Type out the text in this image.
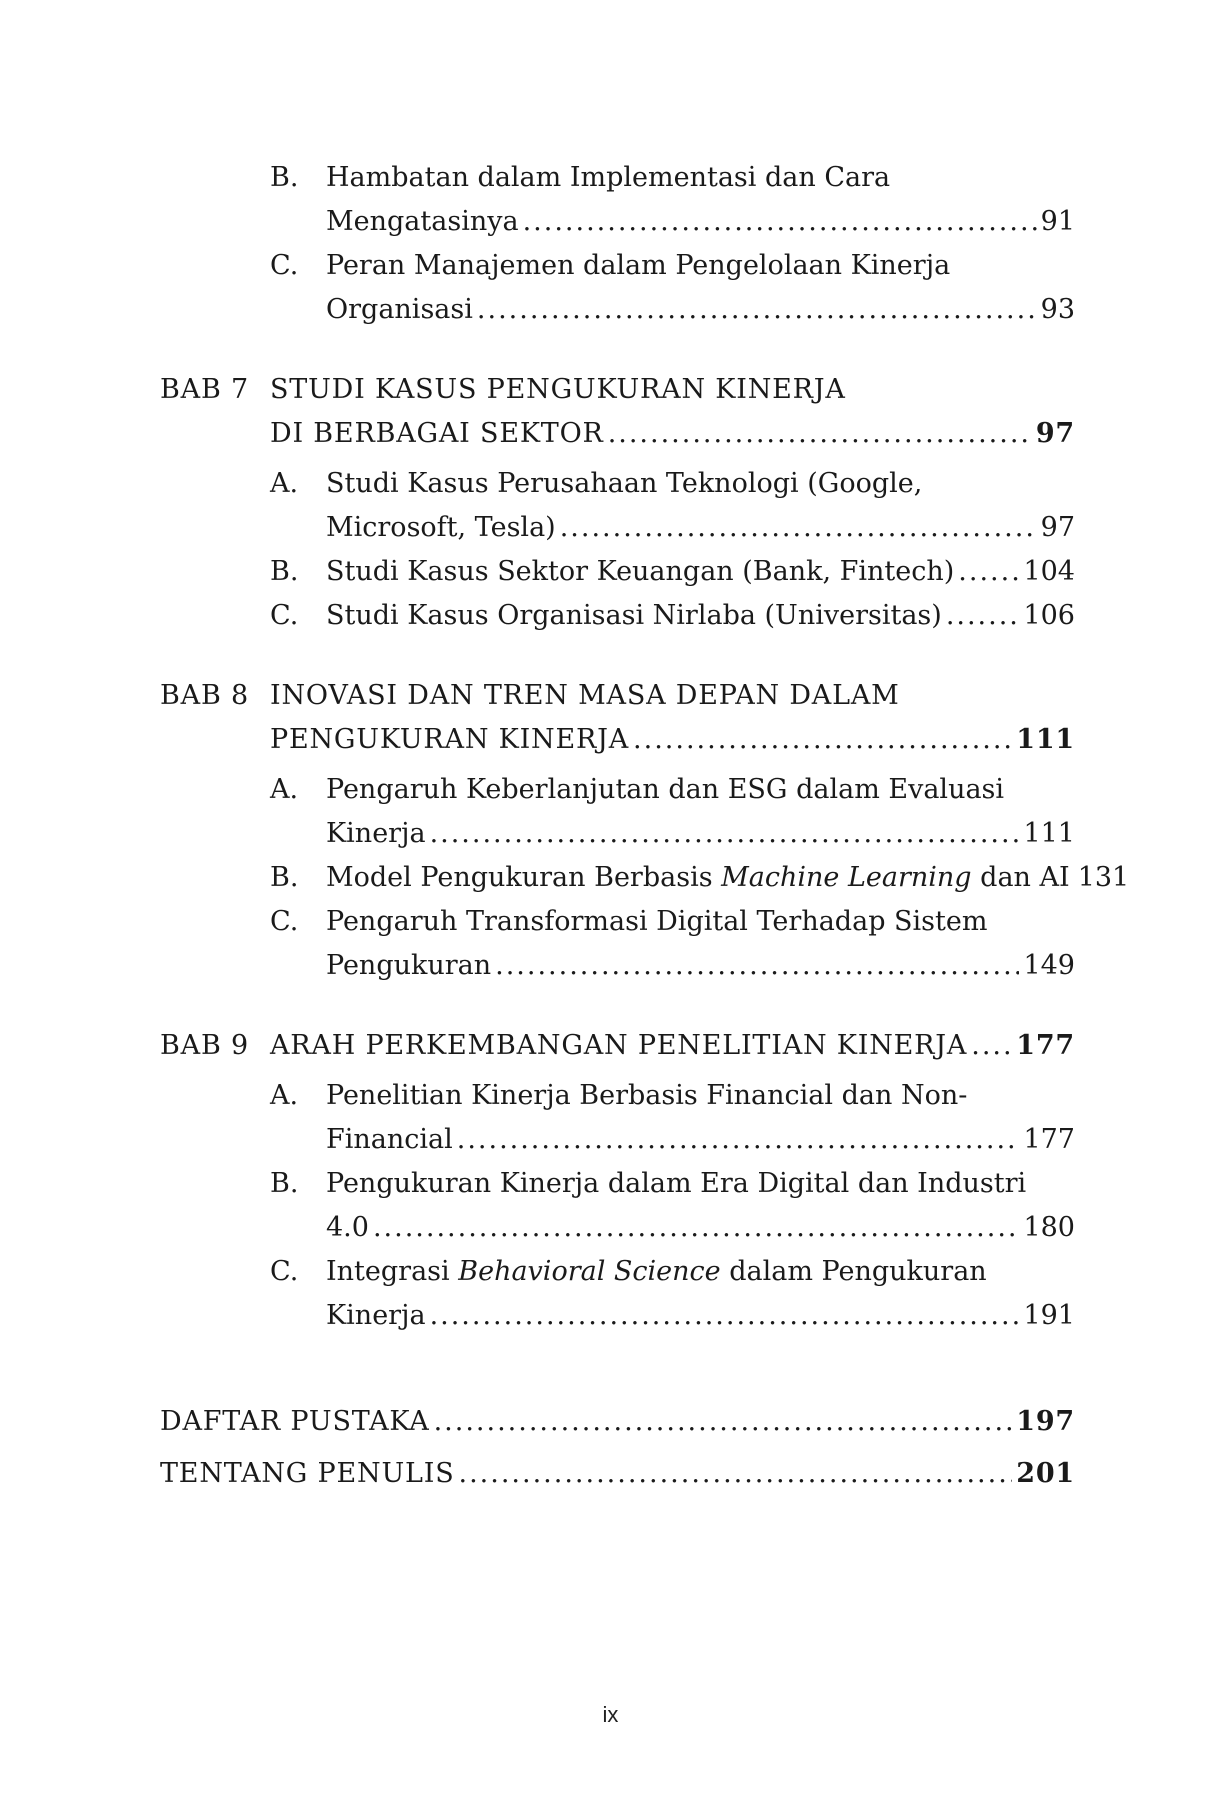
B.	Hambatan dalam Implementasi dan Cara
Mengatasinya .....	91
C.	Peran Manajemen dalam Pengelolaan Kinerja
Organisasi .....	93
BAB 7 STUDI KASUS PENGUKURAN KINERJA
DI BERBAGAI SEKTOR .....	97
A.	Studi Kasus Perusahaan Teknologi (Google,
Microsoft, Tesla) .....	97
B.	Studi Kasus Sektor Keuangan (Bank, Fintech) .....	104
C.	Studi Kasus Organisasi Nirlaba (Universitas) .....	106
BAB 8 INOVASI DAN TREN MASA DEPAN DALAM
PENGUKURAN KINERJA .....	111
A.	Pengaruh Keberlanjutan dan ESG dalam Evaluasi
Kinerja .....	111
B.	Model Pengukuran Berbasis Machine Learning dan AI 131
C.	Pengaruh Transformasi Digital Terhadap Sistem
Pengukuran .....	149
BAB 9 ARAH PERKEMBANGAN PENELITIAN KINERJA ..... 177
A.	Penelitian Kinerja Berbasis Financial dan Non-
Financial .....	177
B.	Pengukuran Kinerja dalam Era Digital dan Industri
4.0 .....	180
C.	Integrasi Behavioral Science dalam Pengukuran
Kinerja .....	191
DAFTAR PUSTAKA .....	197
TENTANG PENULIS .....	201
ix
